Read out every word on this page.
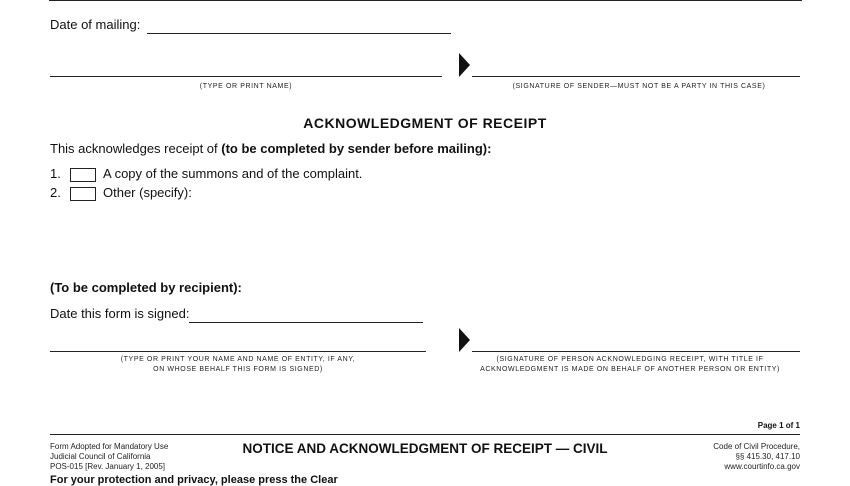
Date of mailing:
(TYPE OR PRINT NAME)	(SIGNATURE OF SENDER—MUST NOT BE A PARTY IN THIS CASE)
ACKNOWLEDGMENT OF RECEIPT
This acknowledges receipt of (to be completed by sender before mailing):
1.	A copy of the summons and of the complaint.
2.	Other (specify):
(To be completed by recipient):
Date this form is signed:
(TYPE OR PRINT YOUR NAME AND NAME OF ENTITY, IF ANY,
ON WHOSE BEHALF THIS FORM IS SIGNED)
(SIGNATURE OF PERSON ACKNOWLEDGING RECEIPT, WITH TITLE IF
ACKNOWLEDGMENT IS MADE ON BEHALF OF ANOTHER PERSON OR ENTITY)
Page 1 of 1
Form Adopted for Mandatory Use
Judicial Council of California
POS-015 [Rev. January 1, 2005]
NOTICE AND ACKNOWLEDGMENT OF RECEIPT — CIVIL	Code of Civil Procedure,
§§ 415.30, 417.10
www.courtinfo.ca.gov
For your protection and privacy, please press the Clear
